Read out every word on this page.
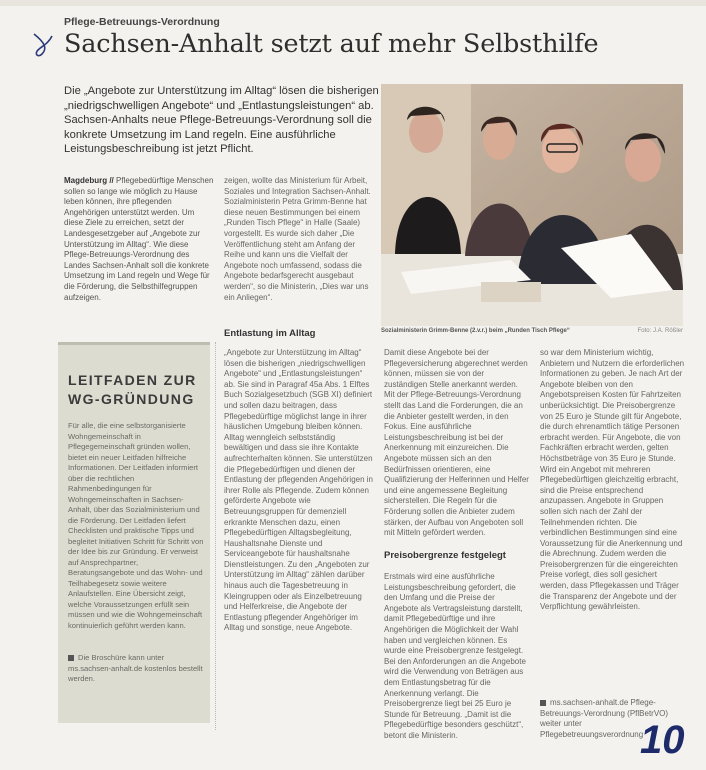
Pflege-Betreuungs-Verordnung
Sachsen-Anhalt setzt auf mehr Selbsthilfe
Die „Angebote zur Unterstützung im Alltag“ lösen die bisherigen „niedrigschwelligen Angebote“ und „Entlastungsleistungen“ ab. Sachsen-Anhalts neue Pflege-Betreuungs-Verordnung soll die konkrete Umsetzung im Land regeln. Eine ausführliche Leistungsbeschreibung ist jetzt Pflicht.
Foto: J.A. Rößler
Sozialministerin Grimm-Benne (2.v.r.) beim „Runden Tisch Pflege“
Magdeburg // Pflegebedürftige Menschen sollen so lange wie möglich zu Hause leben können, ihre pflegenden Angehörigen unterstützt werden. Um diese Ziele zu erreichen, setzt der Landesgesetzgeber auf „Angebote zur Unterstützung im Alltag“. Wie diese Pflege-Betreuungs-Verordnung des Landes Sachsen-Anhalt soll die konkrete Umsetzung im Land regeln und Wege für die Förderung, die Selbsthilfegruppen aufzeigen.
zeigen, wollte das Ministerium für Arbeit, Soziales und Integration Sachsen-Anhalt. Sozialministerin Petra Grimm-Benne hat diese neuen Bestimmungen bei einem „Runden Tisch Pflege“ in Halle (Saale) vorgestellt. Es wurde sich daher „Die Veröffentlichung steht am Anfang der Reihe und kann uns die Vielfalt der Angebote noch umfassend, sodass die Angebote bedarfsgerecht ausgebaut werden“, so die Ministerin, „Dies war uns ein Anliegen“.
Entlastung im Alltag
„Angebote zur Unterstützung im Alltag“ lösen die bisherigen „niedrigschwelligen Angebote“ und „Entlastungsleistungen“ ab. Sie sind in Paragraf 45a Abs. 1 Elftes Buch Sozialgesetzbuch (SGB XI) definiert und sollen dazu beitragen, dass Pflegebedürftige möglichst lange in ihrer häuslichen Umgebung bleiben können. Alltag wenngleich selbstständig bewältigen und dass sie ihre Kontakte aufrechterhalten können. Sie unterstützen die Pflegebedürftigen und dienen der Entlastung der pflegenden Angehörigen in ihrer Rolle als Pflegende. Zudem können geförderte Angebote wie Betreuungsgruppen für demenziell erkrankte Menschen dazu, einen Pflegebedürftigen Alltagsbegleitung, Haushaltsnahe Dienste und Serviceangebote für haushaltsnahe Dienstleistungen. Zu den „Angeboten zur Unterstützung im Alltag“ zählen darüber hinaus auch die Tagesbetreuung in Kleingruppen oder als Einzelbetreuung und Helferkreise, die Angebote der Entlastung pflegender Angehöriger im Alltag und sonstige, neue Angebote.
Damit diese Angebote bei der Pflegeversicherung abgerechnet werden können, müssen sie von der zuständigen Stelle anerkannt werden. Mit der Pflege-Betreuungs-Verordnung stellt das Land die Forderungen, die an die Anbieter gestellt werden, in den Fokus. Eine ausführliche Leistungsbeschreibung ist bei der Anerkennung mit einzureichen. Die Angebote müssen sich an den Bedürfnissen orientieren, eine Qualifizierung der Helferinnen und Helfer und eine angemessene Begleitung sicherstellen. Die Regeln für die Förderung sollen die Anbieter zudem stärken, der Aufbau von Angeboten soll mit Mitteln gefördert werden.
Preisobergrenze festgelegt
Erstmals wird eine ausführliche Leistungsbeschreibung gefordert, die den Umfang und die Preise der Angebote als Vertragsleistung darstellt, damit Pflegebedürftige und ihre Angehörigen die Möglichkeit der Wahl haben und vergleichen können. Es wurde eine Preisobergrenze festgelegt. Bei den Anforderungen an die Angebote wird die Verwendung von Beträgen aus dem Entlastungsbetrag für die Anerkennung verlangt. Die Preisobergrenze liegt bei 25 Euro je Stunde für Betreuung. „Damit ist die Pflegebedürftige besonders geschützt“, betont die Ministerin.
so war dem Ministerium wichtig, Anbietern und Nutzern die erforderlichen Informationen zu geben. Je nach Art der Angebote bleiben von den Angebotspreisen Kosten für Fahrtzeiten unberücksichtigt. Die Preisobergrenze von 25 Euro je Stunde gilt für Angebote, die durch ehrenamtlich tätige Personen erbracht werden. Für Angebote, die von Fachkräften erbracht werden, gelten Höchstbeträge von 35 Euro je Stunde. Wird ein Angebot mit mehreren Pflegebedürftigen gleichzeitig erbracht, sind die Preise entsprechend anzupassen. Angebote in Gruppen sollen sich nach der Zahl der Teilnehmenden richten. Die verbindlichen Bestimmungen sind eine Voraussetzung für die Anerkennung und die Abrechnung. Zudem werden die Preisobergrenzen für die eingereichten Preise vorlegt, dies soll gesichert werden, dass Pflegekassen und Träger die Transparenz der Angebote und der Verpflichtung gewährleisten.
ms.sachsen-anhalt.de Pflege-Betreuungs-Verordnung (PflBetrVO) weiter unter Pflegebetreuungsverordnung
LEITFADEN ZUR WG-GRÜNDUNG
Für alle, die eine selbstorganisierte Wohngemeinschaft in Pflegegemeinschaft gründen wollen, bietet ein neuer Leitfaden hilfreiche Informationen. Der Leitfaden informiert über die rechtlichen Rahmenbedingungen für Wohngemeinschaften in Sachsen-Anhalt, über das Sozialministerium und die Förderung. Der Leitfaden liefert Checklisten und praktische Tipps und begleitet Initiativen Schritt für Schritt von der Idee bis zur Gründung. Er verweist auf Ansprechpartner, Beratungsangebote und das Wohn- und Teilhabegesetz sowie weitere Anlaufstellen. Eine Übersicht zeigt, welche Voraussetzungen erfüllt sein müssen und wie die Wohngemeinschaft kontinuierlich geführt werden kann.
Die Broschüre kann unter ms.sachsen-anhalt.de kostenlos bestellt werden.
10
